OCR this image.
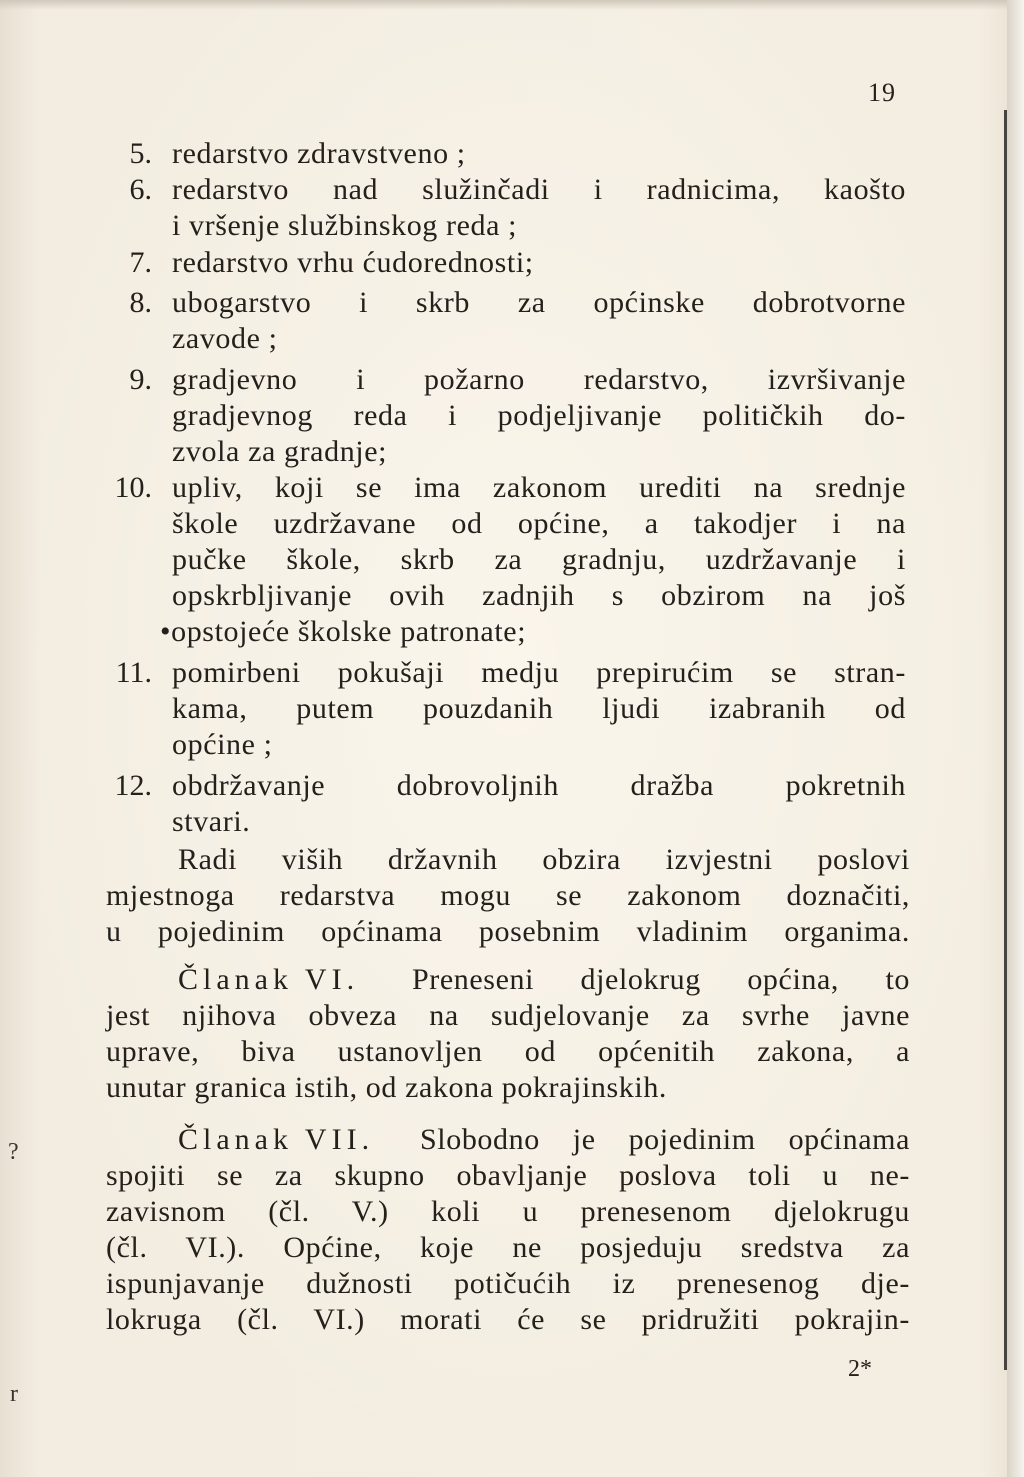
?
r
19
5. redarstvo zdravstveno ;
6. redarstvo nad služinčadi i radnicima, kaošto
i vršenje službinskog reda ;
7. redarstvo vrhu ćudorednosti;
8. ubogarstvo i skrb za općinske dobrotvorne
zavode ;
9. gradjevno i požarno redarstvo, izvršivanje
gradjevnog reda i podjeljivanje političkih do-
zvola za gradnje;
10. upliv, koji se ima zakonom urediti na srednje
škole uzdržavane od općine, a takodjer i na
pučke škole, skrb za gradnju, uzdržavanje i
opskrbljivanje ovih zadnjih s obzirom na još
•opstojeće školske patronate;
11. pomirbeni pokušaji medju prepirućim se stran-
kama, putem pouzdanih ljudi izabranih od
općine ;
12. obdržavanje dobrovoljnih dražba pokretnih
stvari.
Radi viših državnih obzira izvjestni poslovi
mjestnoga redarstva mogu se zakonom doznačiti,
u pojedinim općinama posebnim vladinim organima.
Članak VI.	Preneseni djelokrug općina, to
jest njihova obveza na sudjelovanje za svrhe javne
uprave, biva ustanovljen od općenitih zakona, a
unutar granica istih, od zakona pokrajinskih.
Članak VII.	Slobodno je pojedinim općinama
spojiti se za skupno obavljanje poslova toli u ne-
zavisnom (čl. V.) koli u prenesenom djelokrugu
(čl. VI.). Općine, koje ne posjeduju sredstva za
ispunjavanje dužnosti potičućih iz prenesenog dje-
lokruga (čl. VI.) morati će se pridružiti pokrajin-
2*
